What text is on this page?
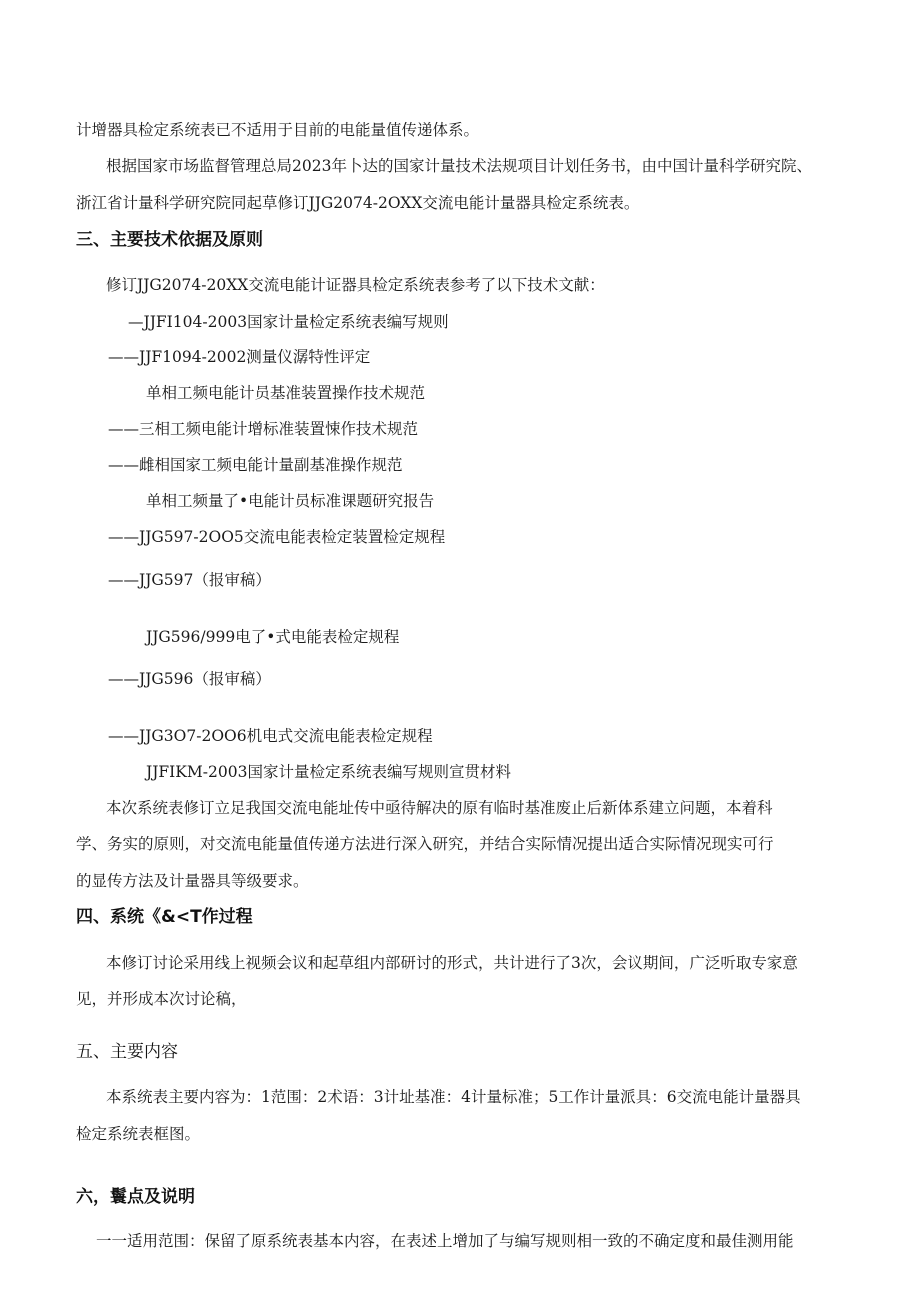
计增器具检定系统表已不适用于目前的电能量值传递体系。
根据国家市场监督管理总局2023年卜达的国家计量技术法规项目计划任务书，由中国计量科学研究院、
浙江省计量科学研究院同起草修订JJG2074-2OXX交流电能计量器具检定系统表。
三、主要技术依据及原则
修订JJG2074-20XX交流电能计证器具检定系统表参考了以下技术文献：
—JJFI104-2003国家计量检定系统表编写规则
——JJF1094-2002测量仪潺特性评定
单相工频电能计员基准装置操作技术规范
——三相工频电能计增标准装置悚作技术规范
——雌相国家工频电能计量副基准操作规范
单相工频量了•电能计员标准课题研究报告
——JJG597-2OO5交流电能表检定装置检定规程
——JJG597（报审稿）
JJG596/999电了•式电能表检定规程
——JJG596（报审稿）
——JJG3O7-2OO6机电式交流电能表检定规程
JJFIKM-2003国家计量检定系统表编写规则宣贯材料
本次系统表修订立足我国交流电能址传中亟待解决的原有临时基准废止后新体系建立问题，本着科
学、务实的原则，对交流电能量值传递方法进行深入研究，并结合实际情况提出适合实际情况现实可行
的显传方法及计量器具等级要求。
四、系统《&<T作过程
本修订讨论采用线上视频会议和起草组内部研讨的形式，共计进行了3次，会议期间，广泛听取专家意
见，并形成本次讨论稿，
五、主要内容
本系统表主要内容为：1范围：2术语：3计址基准：4计量标准；5工作计量派具：6交流电能计量器具
检定系统表框图。
六，鬟点及说明
一一适用范围：保留了原系统表基本内容，在表述上增加了与编写规则相一致的不确定度和最佳测用能
